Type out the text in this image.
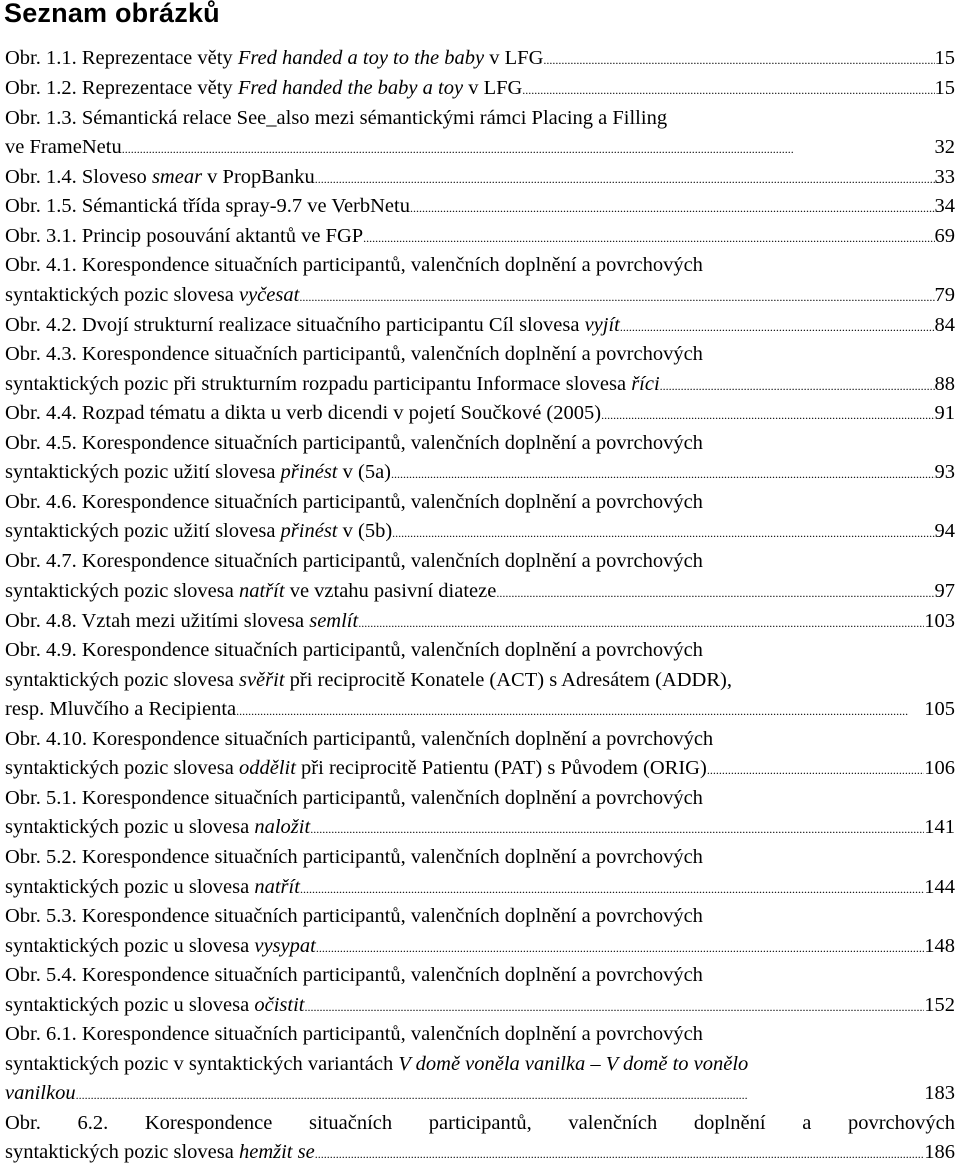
Seznam obrázků
Obr. 1.1. Reprezentace věty Fred handed a toy to the baby v LFG .....	15
Obr. 1.2. Reprezentace věty Fred handed the baby a toy v LFG .....	15
Obr. 1.3. Sémantická relace See_also mezi sémantickými rámci Placing a Filling
ve FrameNetu .....	32
Obr. 1.4. Sloveso smear v PropBanku .....	33
Obr. 1.5. Sémantická třída spray-9.7 ve VerbNetu .....	34
Obr. 3.1. Princip posouvání aktantů ve FGP .....	69
Obr. 4.1. Korespondence situačních participantů, valenčních doplnění a povrchových
syntaktických pozic slovesa vyčesat .....	79
Obr. 4.2. Dvojí strukturní realizace situačního participantu Cíl slovesa vyjít .....	84
Obr. 4.3. Korespondence situačních participantů, valenčních doplnění a povrchových
syntaktických pozic při strukturním rozpadu participantu Informace slovesa říci .....	88
Obr. 4.4. Rozpad tématu a dikta u verb dicendi v pojetí Součkové (2005) .....	91
Obr. 4.5. Korespondence situačních participantů, valenčních doplnění a povrchových
syntaktických pozic užití slovesa přinést v (5a) .....	93
Obr. 4.6. Korespondence situačních participantů, valenčních doplnění a povrchových
syntaktických pozic užití slovesa přinést v (5b) .....	94
Obr. 4.7. Korespondence situačních participantů, valenčních doplnění a povrchových
syntaktických pozic slovesa natřít ve vztahu pasivní diateze .....	97
Obr. 4.8. Vztah mezi užitími slovesa semlít .....	103
Obr. 4.9. Korespondence situačních participantů, valenčních doplnění a povrchových
syntaktických pozic slovesa svěřit při reciprocitě Konatele (ACT) s Adresátem (ADDR),
resp. Mluvčího a Recipienta .....	105
Obr. 4.10. Korespondence situačních participantů, valenčních doplnění a povrchových
syntaktických pozic slovesa oddělit při reciprocitě Patientu (PAT) s Původem (ORIG) .....	106
Obr. 5.1. Korespondence situačních participantů, valenčních doplnění a povrchových
syntaktických pozic u slovesa naložit .....	141
Obr. 5.2. Korespondence situačních participantů, valenčních doplnění a povrchových
syntaktických pozic u slovesa natřít .....	144
Obr. 5.3. Korespondence situačních participantů, valenčních doplnění a povrchových
syntaktických pozic u slovesa vysypat .....	148
Obr. 5.4. Korespondence situačních participantů, valenčních doplnění a povrchových
syntaktických pozic u slovesa očistit .....	152
Obr. 6.1. Korespondence situačních participantů, valenčních doplnění a povrchových
syntaktických pozic v syntaktických variantách V domě voněla vanilka – V domě to vonělo
vanilkou .....	183
Obr. 6.2. Korespondence situačních participantů, valenčních doplnění a povrchových
syntaktických pozic slovesa hemžit se .....	186
